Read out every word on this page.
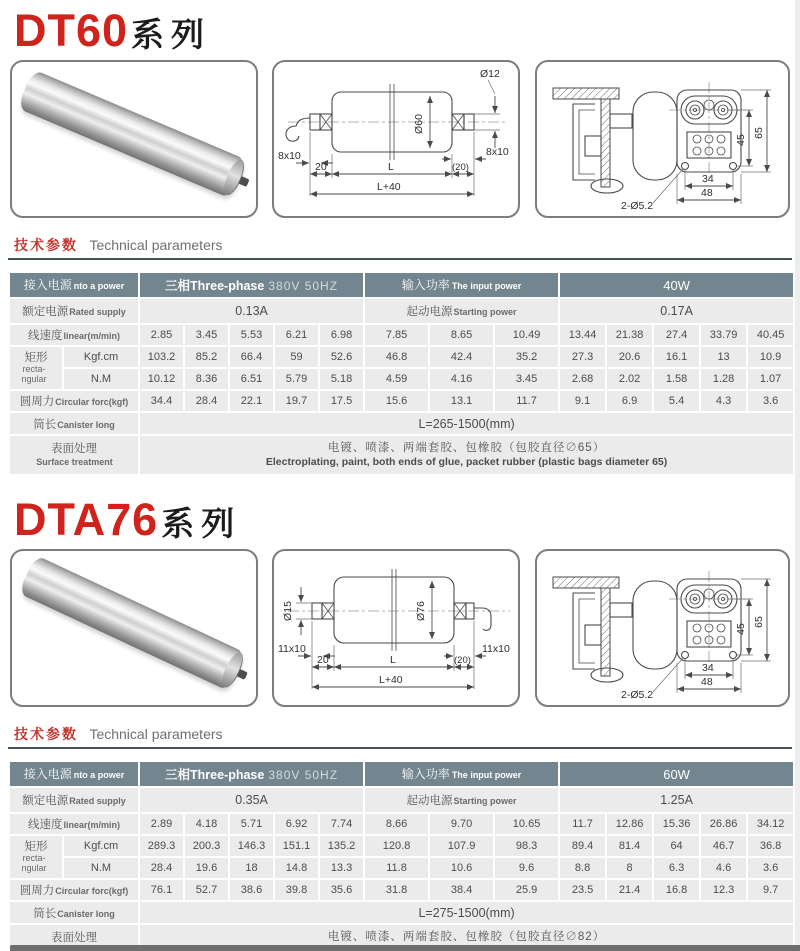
DT60系列
Ø12
Ø60
8x10	8x10
20	L	(20)
L+40
45
65
34
48
2-Ø5.2
技术参数 Technical parameters
接入电源 nto a power		三相Three-phase 380V 50HZ					输入功率 The input power			40W				
额定电源Rated supply		0.13A					起动电源Starting power			0.17A				
线速度linear(m/min)		2.85	3.45	5.53	6.21	6.98	7.85	8.65	10.49	13.44	21.38	27.4	33.79	40.45

矩形
recta-ngular	Kgf.cm	103.2	85.2	66.4	59	52.6	46.8	42.4	35.2	27.3	20.6	16.1	13	10.9
	N.M	10.12	8.36	6.51	5.79	5.18	4.59	4.16	3.45	2.68	2.02	1.58	1.28	1.07
圆周力Circular forc(kgf)		34.4	28.4	22.1	19.7	17.5	15.6	13.1	11.7	9.1	6.9	5.4	4.3	3.6
筒长Canister long		L=265-1500(mm)												

表面处理
Surface treatment		电镀、喷漆、两端套胶、包橡胶（包胶直径∅65）
Electroplating, paint, both ends of glue, packet rubber (plastic bags diameter 65)												
DTA76系列
Ø15	Ø76
11x10	11x10
20	L	(20)
L+40
45
65
34
48
2-Ø5.2
技术参数 Technical parameters
接入电源 nto a power		三相Three-phase 380V 50HZ					输入功率 The input power			60W				
额定电源Rated supply		0.35A					起动电源Starting power			1.25A				
线速度linear(m/min)		2.89	4.18	5.71	6.92	7.74	8.66	9.70	10.65	11.7	12.86	15.36	26.86	34.12

矩形
recta-ngular	Kgf.cm	289.3	200.3	146.3	151.1	135.2	120.8	107.9	98.3	89.4	81.4	64	46.7	36.8
	N.M	28.4	19.6	18	14.8	13.3	11.8	10.6	9.6	8.8	8	6.3	4.6	3.6
圆周力Circular forc(kgf)		76.1	52.7	38.6	39.8	35.6	31.8	38.4	25.9	23.5	21.4	16.8	12.3	9.7
筒长Canister long		L=275-1500(mm)												

表面处理		电镀、喷漆、两端套胶、包橡胶（包胶直径∅82）												
